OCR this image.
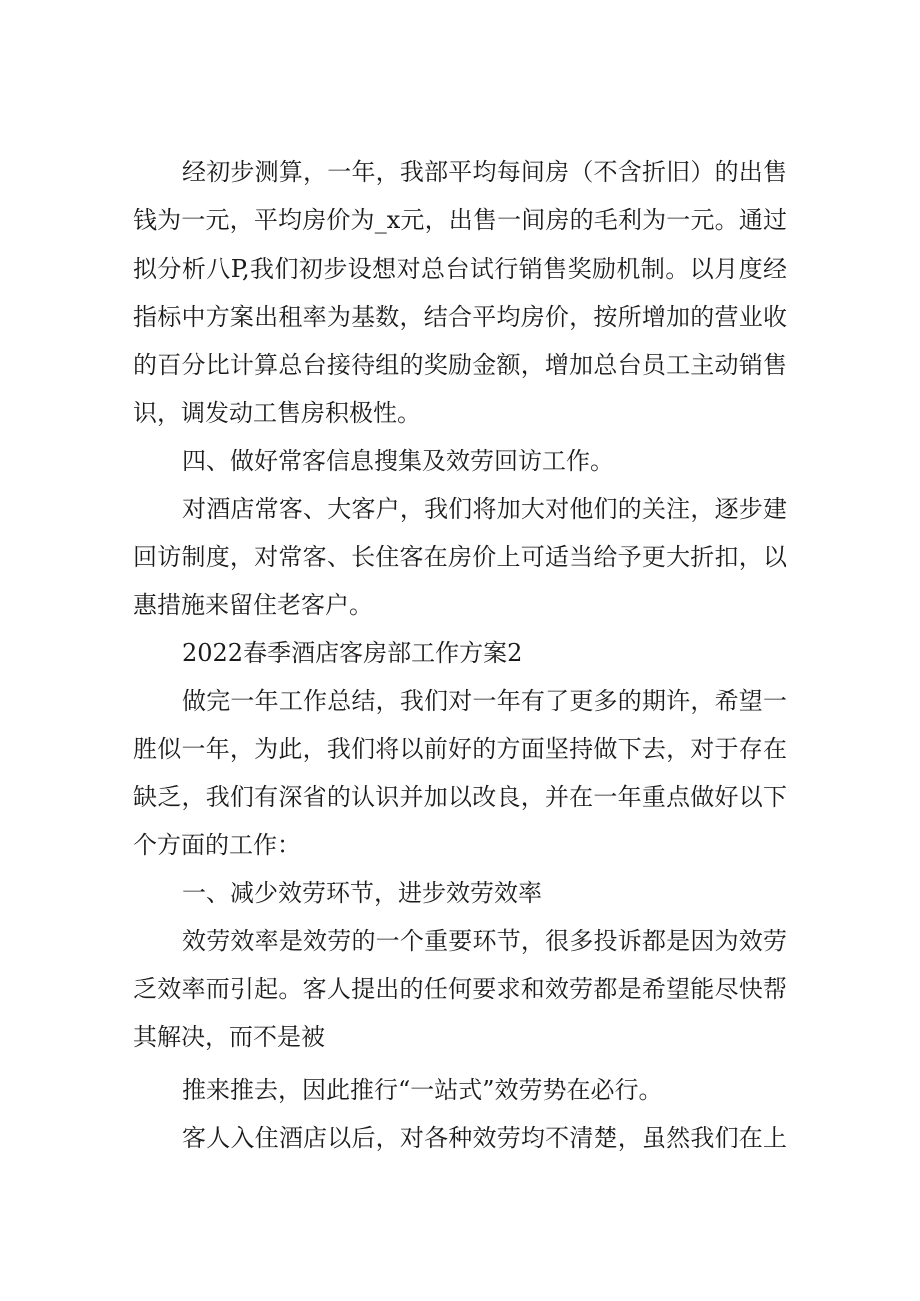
经初步测算，一年，我部平均每间房（不含折旧）的出售
钱为一元，平均房价为_x元，出售一间房的毛利为一元。通过
拟分析八P,我们初步设想对总台试行销售奖励机制。以月度经
指标中方案出租率为基数，结合平均房价，按所增加的营业收
的百分比计算总台接待组的奖励金额，增加总台员工主动销售
识，调发动工售房积极性。
四、做好常客信息搜集及效劳回访工作。
对酒店常客、大客户，我们将加大对他们的关注，逐步建
回访制度，对常客、长住客在房价上可适当给予更大折扣，以
惠措施来留住老客户。
2022春季酒店客房部工作方案2
做完一年工作总结，我们对一年有了更多的期许，希望一
胜似一年，为此，我们将以前好的方面坚持做下去，对于存在
缺乏，我们有深省的认识并加以改良，并在一年重点做好以下
个方面的工作：
一、减少效劳环节，进步效劳效率
效劳效率是效劳的一个重要环节，很多投诉都是因为效劳
乏效率而引起。客人提出的任何要求和效劳都是希望能尽快帮
其解决，而不是被
推来推去，因此推行“一站式”效劳势在必行。
客人入住酒店以后，对各种效劳均不清楚，虽然我们在上
